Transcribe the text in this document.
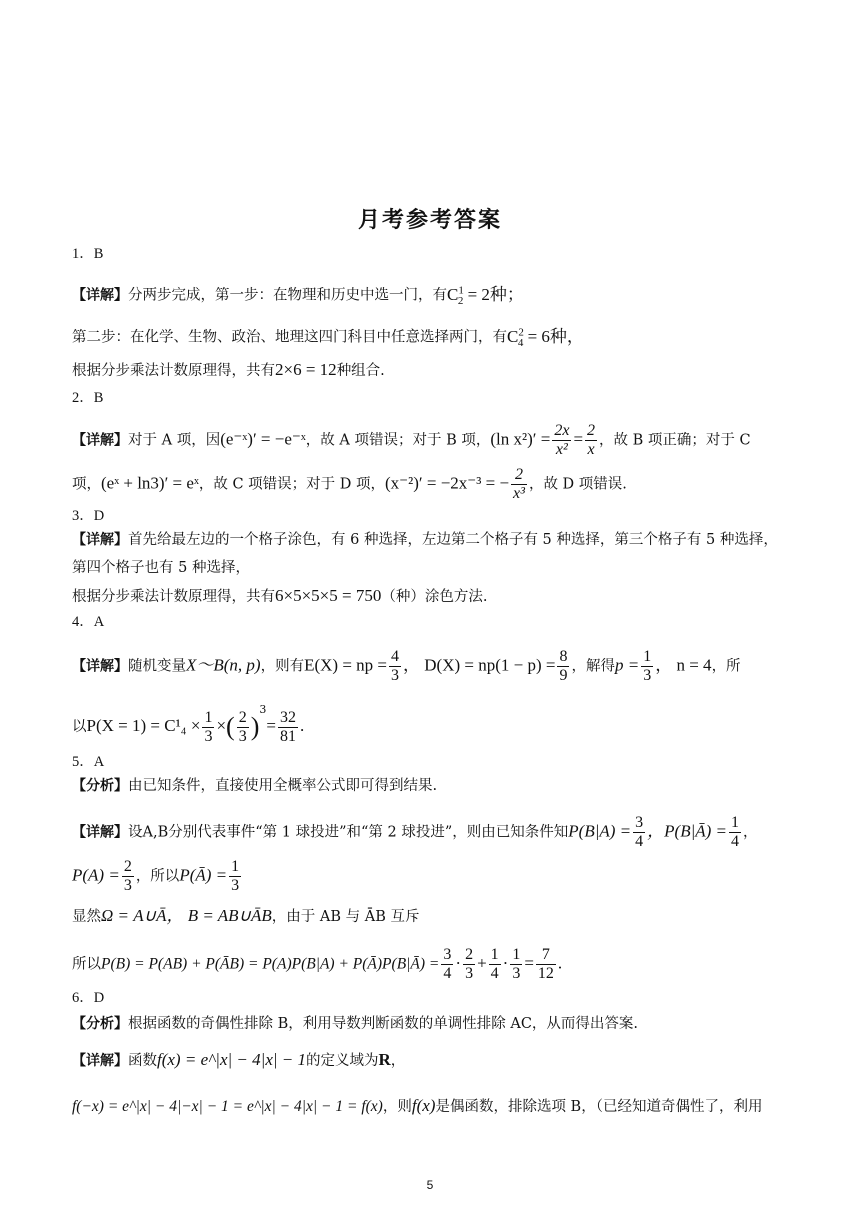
月考参考答案
1．B
【详解】分两步完成，第一步：在物理和历史中选一门，有$C^1_2 = 2$种；
第二步：在化学、生物、政治、地理这四门科目中任意选择两门，有$C^2_4 = 6$种，
根据分步乘法计数原理得，共有2×6 = 12种组合.
2．B
【详解】对于 A 项，因(e⁻ˣ)′ = −e⁻ˣ，故 A 项错误；对于 B 项，(ln $x^2)' = \frac{2x}{\text{x²}} = \frac{2}{x}$ ，故 B 项正确；对于 C
项，(eˣ + ln3)′ = eˣ，故 C 项错误；对于 D 项，(x⁻²)′ = −2x⁻³ = − $\frac{2}{\text{x³}}$ ，故 D 项错误.
3．D
【详解】首先给最左边的一个格子涂色，有 6 种选择，左边第二个格子有 5 种选择，第三个格子有 5 种选择，
第四个格子也有 5 种选择，
根据分步乘法计数原理得，共有6×5×5×5 = 750（种）涂色方法.
4．A
【详解】随机变量X～B(n, p)，则有E(X) = np = $\frac{4}{3}$ ， $D(X) = np(1 - p) = \frac{8}{9}$ ，解得$p = \frac{1}{3}$ ， n = 4，所
以$P(X = 1) = C^1_4 \times \frac{1}{3}$ ×( $\frac{2}{3} )^3= \frac{32}{81}$ .
5．A
【分析】由已知条件，直接使用全概率公式即可得到结果.
【详解】设A,B分别代表事件“第 1 球投进”和“第 2 球投进”，则由已知条件知$P(B|A) = \frac{3}{4}$ ，P(B|Ā) = $\frac{1}{4}$ ，
$P(A) = \frac{2}{3}$ ，所以P(Ā) = $\frac{1}{3}$
显然Ω = A∪Ā， B = AB∪ĀB，由于 AB 与 ĀB 互斥
所以P(B) = P(AB) + P(ĀB) = P(A)P(B|A) + P(Ā)P(B|Ā) = $\frac{3}{4} \cdot \frac{2}{3} + \frac{1}{4} \cdot \frac{1}{3} = \frac{7}{12}$ .
6．D
【分析】根据函数的奇偶性排除 B，利用导数判断函数的单调性排除 AC，从而得出答案.
【详解】函数f(x) = e^|x| − 4|x| − 1的定义域为R，
f(−x) = e^|x| − 4|−x| − 1 = e^|x| − 4|x| − 1 = f(x)，则f(x)是偶函数，排除选项 B，（已经知道奇偶性了，利用
5
